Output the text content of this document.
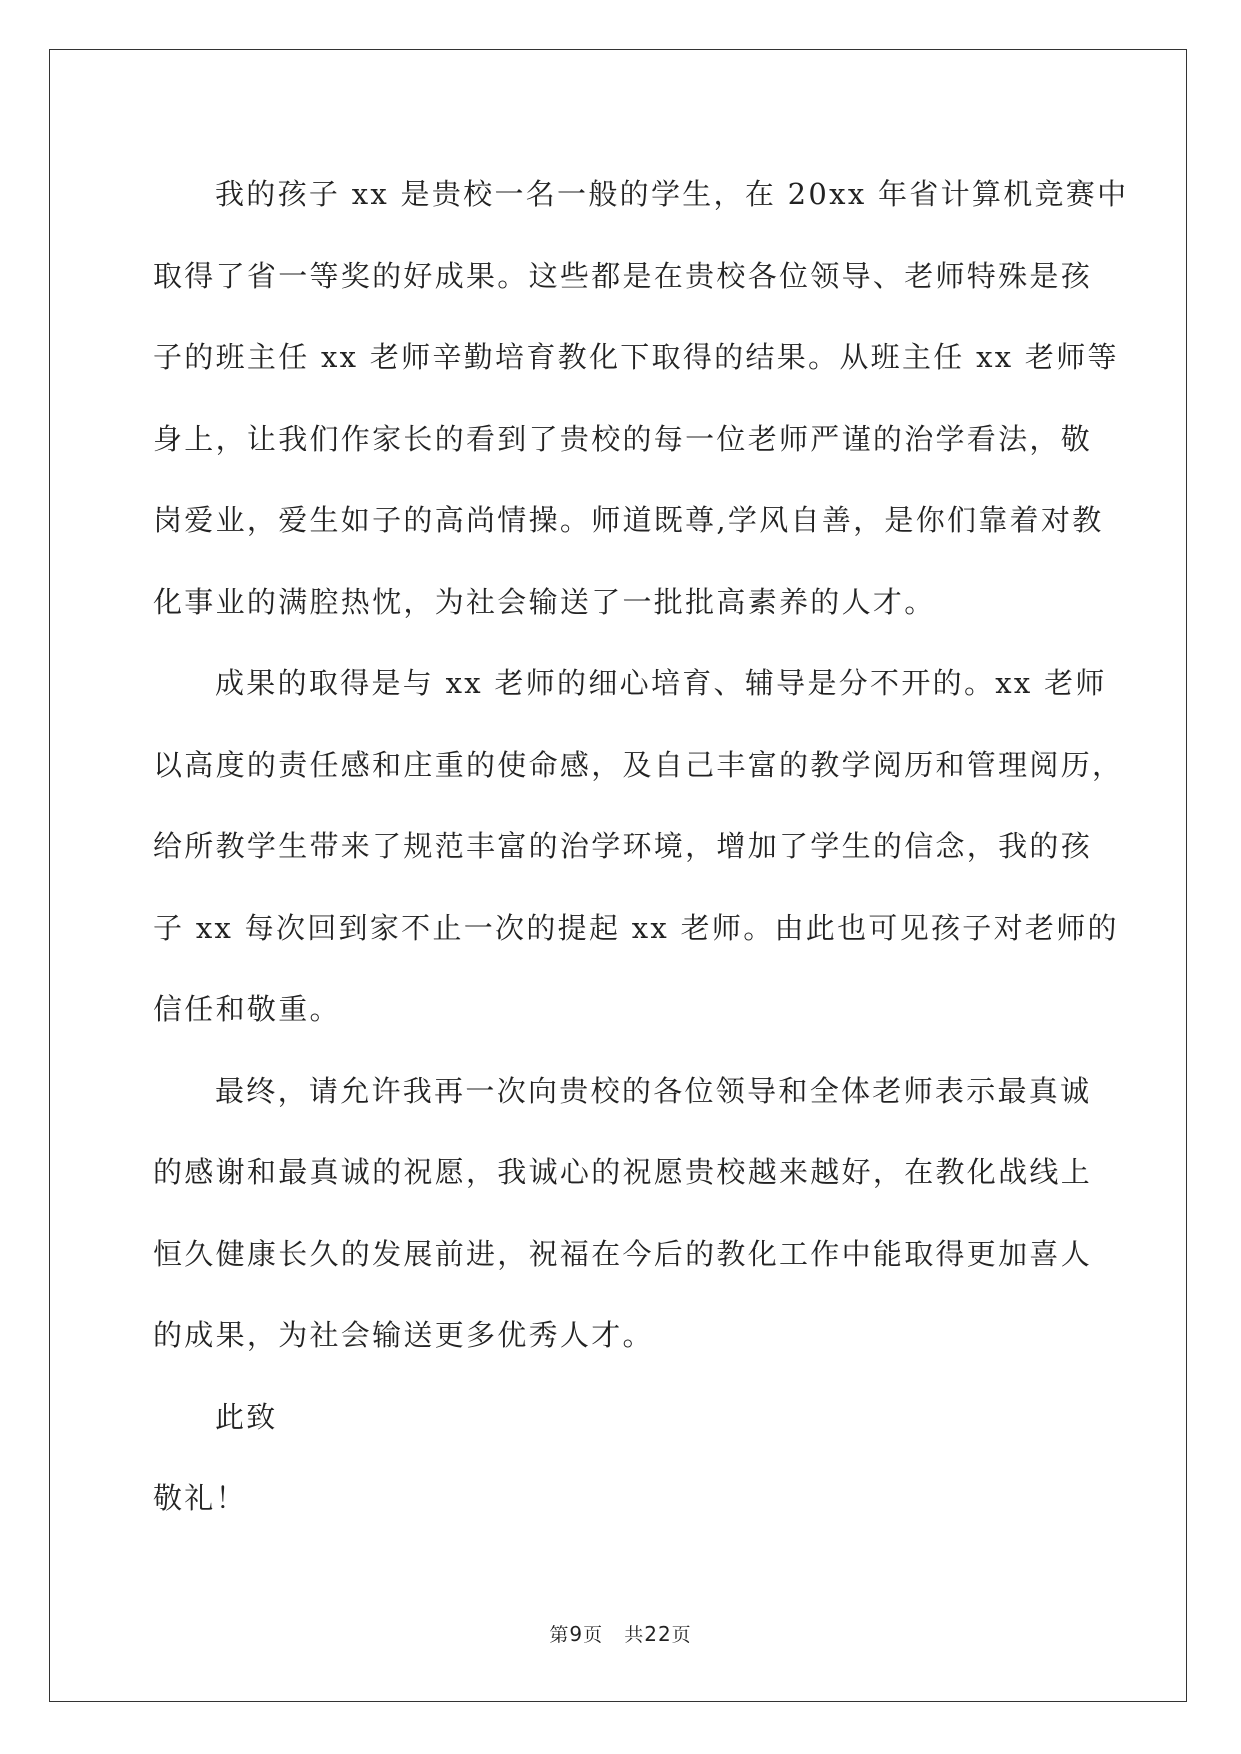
我的孩子 xx 是贵校一名一般的学生，在 20xx 年省计算机竞赛中
取得了省一等奖的好成果。这些都是在贵校各位领导、老师特殊是孩
子的班主任 xx 老师辛勤培育教化下取得的结果。从班主任 xx 老师等
身上，让我们作家长的看到了贵校的每一位老师严谨的治学看法，敬
岗爱业，爱生如子的高尚情操。师道既尊,学风自善，是你们靠着对教
化事业的满腔热忱，为社会输送了一批批高素养的人才。
成果的取得是与 xx 老师的细心培育、辅导是分不开的。xx 老师
以高度的责任感和庄重的使命感，及自己丰富的教学阅历和管理阅历，
给所教学生带来了规范丰富的治学环境，增加了学生的信念，我的孩
子 xx 每次回到家不止一次的提起 xx 老师。由此也可见孩子对老师的
信任和敬重。
最终，请允许我再一次向贵校的各位领导和全体老师表示最真诚
的感谢和最真诚的祝愿，我诚心的祝愿贵校越来越好，在教化战线上
恒久健康长久的发展前进，祝福在今后的教化工作中能取得更加喜人
的成果，为社会输送更多优秀人才。
此致
敬礼！
第9页 共22页
